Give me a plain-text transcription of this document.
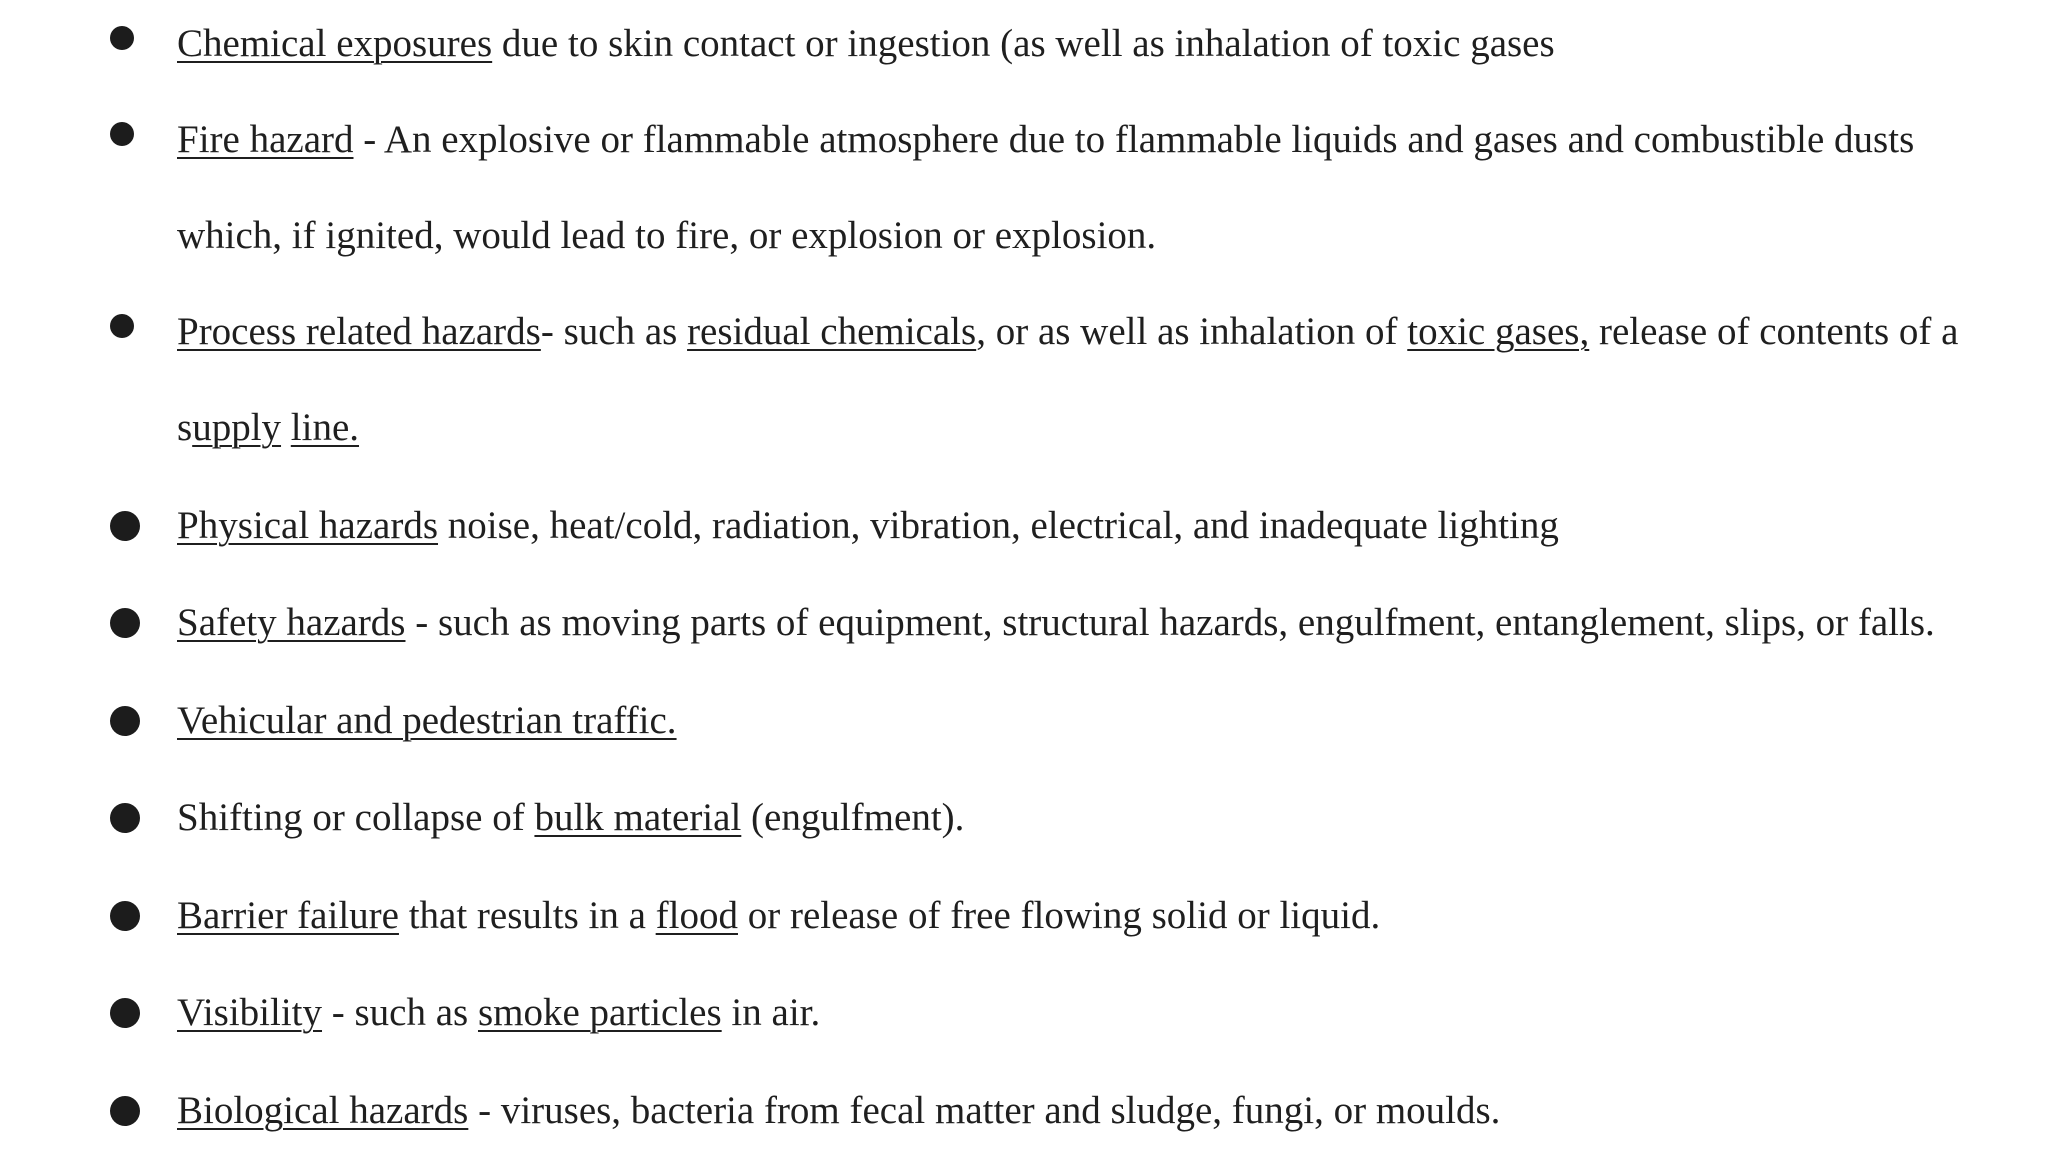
Chemical exposures due to skin contact or ingestion (as well as inhalation of toxic gases
Fire hazard - An explosive or flammable atmosphere due to flammable liquids and gases and combustible dusts
which, if ignited, would lead to fire, or explosion or explosion.
Process related hazards- such as residual chemicals, or as well as inhalation of toxic gases, release of contents of a
supply line.
Physical hazards noise, heat/cold, radiation, vibration, electrical, and inadequate lighting
Safety hazards - such as moving parts of equipment, structural hazards, engulfment, entanglement, slips, or falls.
Vehicular and pedestrian traffic.
Shifting or collapse of bulk material (engulfment).
Barrier failure that results in a flood or release of free flowing solid or liquid.
Visibility - such as smoke particles in air.
Biological hazards - viruses, bacteria from fecal matter and sludge, fungi, or moulds.
